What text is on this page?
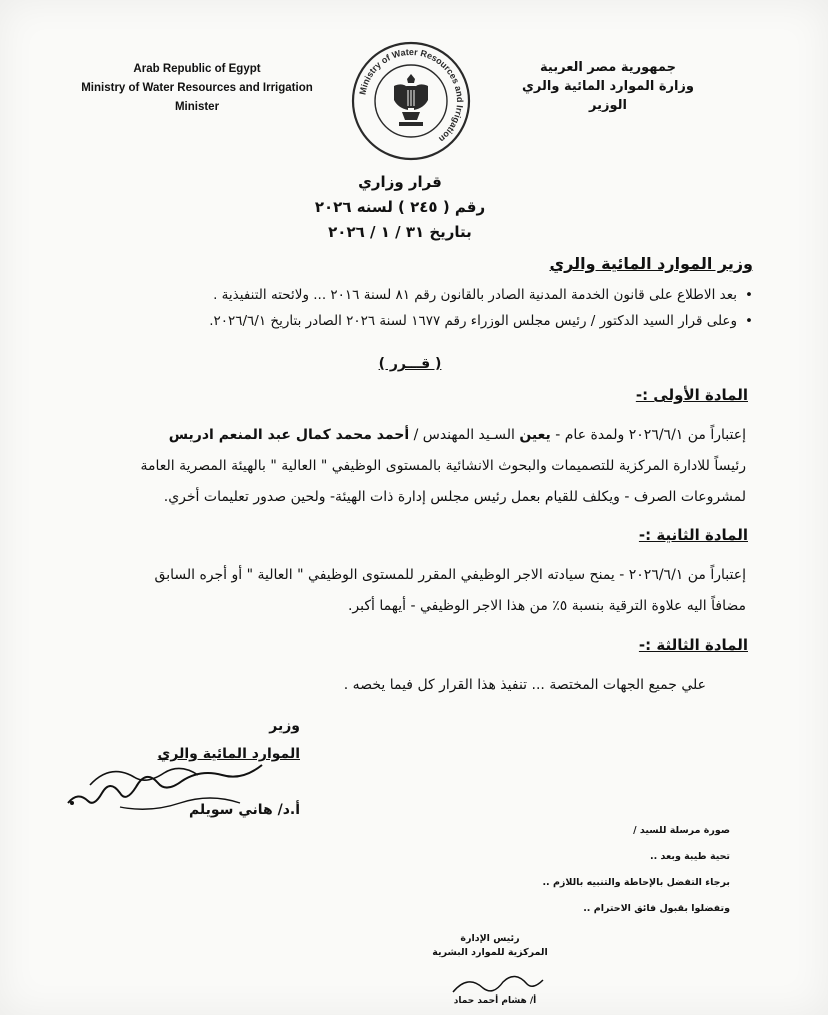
Arab Republic of Egypt
Ministry of Water Resources and Irrigation
Minister
Ministry of Water Resources and Irrigation
جمهورية مصر العربية
وزارة الموارد المائية والري
الوزير
قرار وزاري
رقم ( ٢٤٥ ) لسنه ٢٠٢٦
بتاريخ ٣١ / ١ / ٢٠٢٦
وزير الموارد المائية والري
• بعد الاطلاع على قانون الخدمة المدنية الصادر بالقانون رقم ٨١ لسنة ٢٠١٦ ... ولائحته التنفيذية .
• وعلى قرار السيد الدكتور / رئيس مجلس الوزراء رقم ١٦٧٧ لسنة ٢٠٢٦ الصادر بتاريخ ٢٠٢٦/٦/١.
( قـــرر )
المادة الأولى :-
إعتباراً من ٢٠٢٦/٦/١ ولمدة عام - يعين السـيد المهندس / أحمد محمد كمال عبد المنعم ادريس
رئيساً للادارة المركزية للتصميمات والبحوث الانشائية بالمستوى الوظيفي " العالية " بالهيئة المصرية العامة
لمشروعات الصرف - ويكلف للقيام بعمل رئيس مجلس إدارة ذات الهيئة- ولحين صدور تعليمات أخري.
المادة الثانية :-
إعتباراً من ٢٠٢٦/٦/١ - يمنح سيادته الاجر الوظيفي المقرر للمستوى الوظيفي " العالية " أو أجره السابق
مضافاً اليه علاوة الترقية بنسبة ٥٪ من هذا الاجر الوظيفي - أيهما أكبر.
المادة الثالثة :-
علي جميع الجهات المختصة ... تنفيذ هذا القرار كل فيما يخصه .
وزير
الموارد المائية والري
أ.د/ هاني سويلم
صورة مرسلة للسيد /
تحية طيبة وبعد ..
برجاء التفضل بالإحاطة والتنبيه باللازم ..
وتفضلوا بقبول فائق الاحترام ..
رئيس الإدارة
المركزية للموارد البشرية
أ/ هشام أحمد حماد
